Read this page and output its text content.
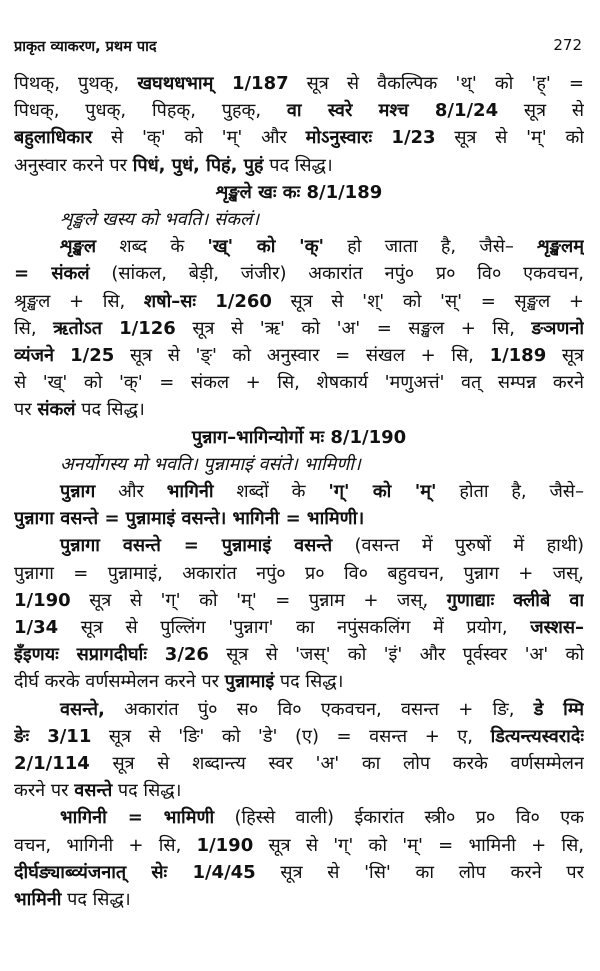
प्राकृत व्याकरण, प्रथम पाद	272
पिथक्, पुथक्, खघथधभाम् 1/187 सूत्र से वैकल्पिक 'थ्' को 'ह्' =
पिधक्, पुधक्, पिहक्, पुहक्, वा स्वरे मश्च 8/1/24 सूत्र से
बहुलाधिकार से 'क्' को 'म्' और मोऽनुस्वारः 1/23 सूत्र से 'म्' को
अनुस्वार करने पर पिधं, पुधं, पिहं, पुहं पद सिद्ध।
शृङ्खले खः कः 8/1/189
शृङ्खले खस्य को भवति। संकलं।
शृङ्खल शब्द के 'ख्' को 'क्' हो जाता है, जैसे– शृङ्खलम्
= संकलं (सांकल, बेड़ी, जंजीर) अकारांत नपुं० प्र० वि० एकवचन,
श्रृङ्खल + सि, शषो–सः 1/260 सूत्र से 'श्' को 'स्' = सृङ्खल +
सि, ऋतोऽत 1/126 सूत्र से 'ऋ' को 'अ' = सङ्खल + सि, ङञणनो
व्यंजने 1/25 सूत्र से 'ङ्' को अनुस्वार = संखल + सि, 1/189 सूत्र
से 'ख्' को 'क्' = संकल + सि, शेषकार्य 'मणुअत्तं' वत् सम्पन्न करने
पर संकलं पद सिद्ध।
पुन्नाग–भागिन्योर्गो मः 8/1/190
अनर्योगस्य मो भवति। पुन्नामाइं वसंते। भामिणी।
पुन्नाग और भागिनी शब्दों के 'ग्' को 'म्' होता है, जैसे–
पुन्नागा वसन्ते = पुन्नामाइं वसन्ते। भागिनी = भामिणी।
पुन्नागा वसन्ते = पुन्नामाइं वसन्ते (वसन्त में पुरुषों में हाथी)
पुन्नागा = पुन्नामाइं, अकारांत नपुं० प्र० वि० बहुवचन, पुन्नाग + जस्,
1/190 सूत्र से 'ग्' को 'म्' = पुन्नाम + जस्, गुणाद्याः क्लीबे वा
1/34 सूत्र से पुल्लिंग 'पुन्नाग' का नपुंसकलिंग में प्रयोग, जस्शस–
इँइणयः सप्रागदीर्घाः 3/26 सूत्र से 'जस्' को 'इं' और पूर्वस्वर 'अ' को
दीर्घ करके वर्णसम्मेलन करने पर पुन्नामाइं पद सिद्ध।
वसन्ते, अकारांत पुं० स० वि० एकवचन, वसन्त + ङि, डे म्मि
ङेः 3/11 सूत्र से 'ङि' को 'डे' (ए) = वसन्त + ए, डित्यन्त्यस्वरादेः
2/1/114 सूत्र से शब्दान्त्य स्वर 'अ' का लोप करके वर्णसम्मेलन
करने पर वसन्ते पद सिद्ध।
भागिनी = भामिणी (हिस्से वाली) ईकारांत स्त्री० प्र० वि० एक
वचन, भागिनी + सि, 1/190 सूत्र से 'ग्' को 'म्' = भामिनी + सि,
दीर्घङ्याब्व्यंजनात् सेः 1/4/45 सूत्र से 'सि' का लोप करने पर
भामिनी पद सिद्ध।
